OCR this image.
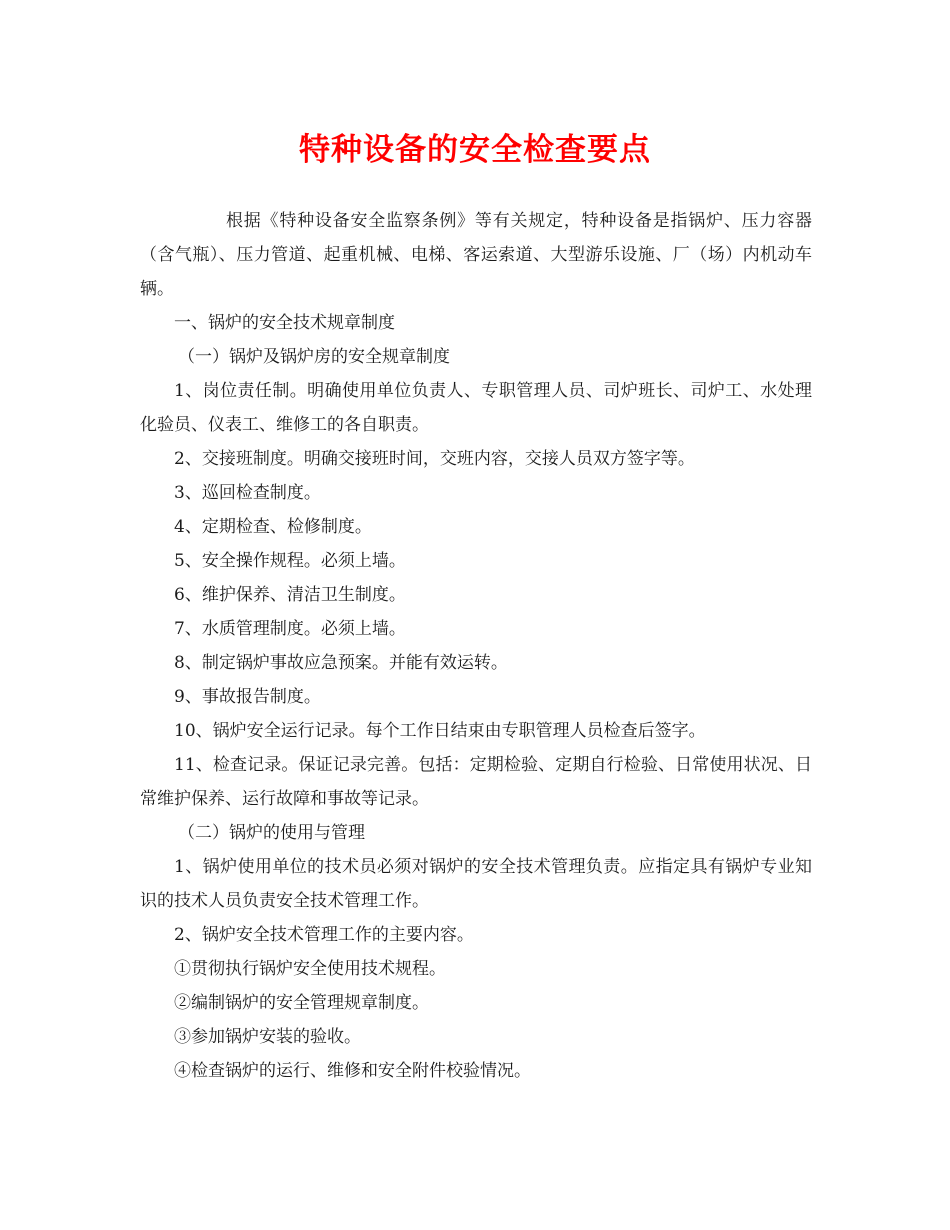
特种设备的安全检查要点

根据《特种设备安全监察条例》等有关规定，特种设备是指锅炉、压力容器（含气瓶）、压力管道、起重机械、电梯、客运索道、大型游乐设施、厂（场）内机动车辆。

一、锅炉的安全技术规章制度

（一）锅炉及锅炉房的安全规章制度

1、岗位责任制。明确使用单位负责人、专职管理人员、司炉班长、司炉工、水处理化验员、仪表工、维修工的各自职责。

2、交接班制度。明确交接班时间，交班内容，交接人员双方签字等。

3、巡回检查制度。

4、定期检查、检修制度。

5、安全操作规程。必须上墙。

6、维护保养、清洁卫生制度。

7、水质管理制度。必须上墙。

8、制定锅炉事故应急预案。并能有效运转。

9、事故报告制度。

10、锅炉安全运行记录。每个工作日结束由专职管理人员检查后签字。

11、检查记录。保证记录完善。包括：定期检验、定期自行检验、日常使用状况、日常维护保养、运行故障和事故等记录。

（二）锅炉的使用与管理

1、锅炉使用单位的技术员必须对锅炉的安全技术管理负责。应指定具有锅炉专业知识的技术人员负责安全技术管理工作。

2、锅炉安全技术管理工作的主要内容。

①贯彻执行锅炉安全使用技术规程。

②编制锅炉的安全管理规章制度。

③参加锅炉安装的验收。

④检查锅炉的运行、维修和安全附件校验情况。
